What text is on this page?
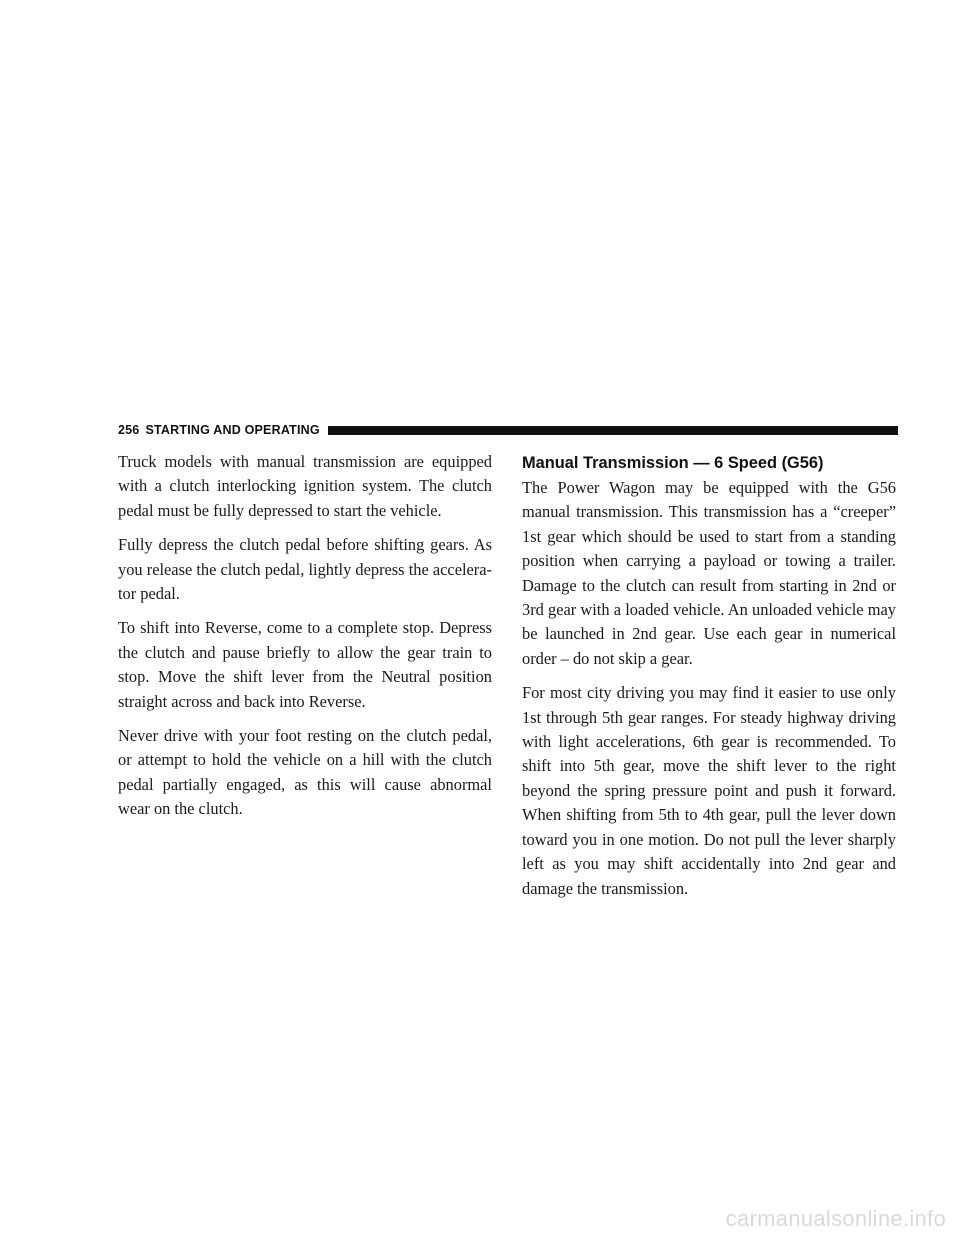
256 STARTING AND OPERATING

Truck models with manual transmission are equipped with a clutch interlocking ignition system. The clutch pedal must be fully depressed to start the vehicle.

Fully depress the clutch pedal before shifting gears. As you release the clutch pedal, lightly depress the accelera-tor pedal.

To shift into Reverse, come to a complete stop. Depress the clutch and pause briefly to allow the gear train to stop. Move the shift lever from the Neutral position straight across and back into Reverse.

Never drive with your foot resting on the clutch pedal, or attempt to hold the vehicle on a hill with the clutch pedal partially engaged, as this will cause abnormal wear on the clutch.

Manual Transmission — 6 Speed (G56)

The Power Wagon may be equipped with the G56 manual transmission. This transmission has a “creeper” 1st gear which should be used to start from a standing position when carrying a payload or towing a trailer. Damage to the clutch can result from starting in 2nd or 3rd gear with a loaded vehicle. An unloaded vehicle may be launched in 2nd gear. Use each gear in numerical order – do not skip a gear.

For most city driving you may find it easier to use only 1st through 5th gear ranges. For steady highway driving with light accelerations, 6th gear is recommended. To shift into 5th gear, move the shift lever to the right beyond the spring pressure point and push it forward. When shifting from 5th to 4th gear, pull the lever down toward you in one motion. Do not pull the lever sharply left as you may shift accidentally into 2nd gear and damage the transmission.

carmanualsonline.info
